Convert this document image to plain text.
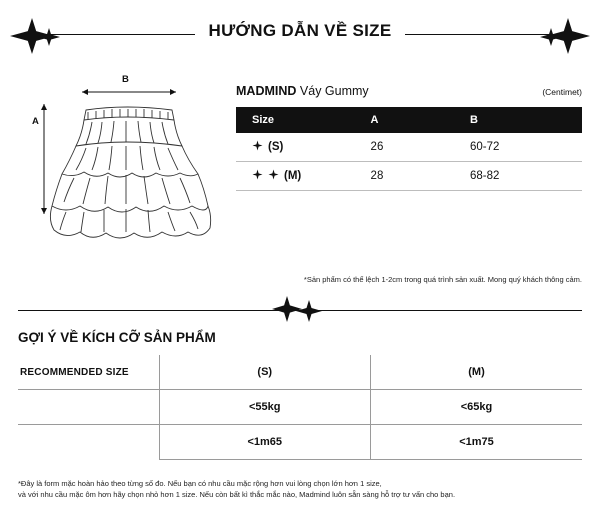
HƯỚNG DẪN VỀ SIZE
A
B
MADMIND Váy Gummy	(Centimet)
Size	A	B

(S)	26	60-72

(M)	28	68-82
*Sản phẩm có thể lệch 1-2cm trong quá trình sản xuất. Mong quý khách thông cảm.
GỢI Ý VỀ KÍCH CỠ SẢN PHẨM
RECOMMENDED SIZE	(S)	(M)
	<55kg	<65kg
	<1m65	<1m75
*Đây là form mặc hoàn hảo theo từng số đo. Nếu bạn có nhu cầu mặc rộng hơn vui lòng chọn lớn hơn 1 size,
và với nhu cầu mặc ôm hơn hãy chọn nhỏ hơn 1 size. Nếu còn bất kì thắc mắc nào, Madmind luôn sẵn sàng hỗ trợ tư vấn cho bạn.
